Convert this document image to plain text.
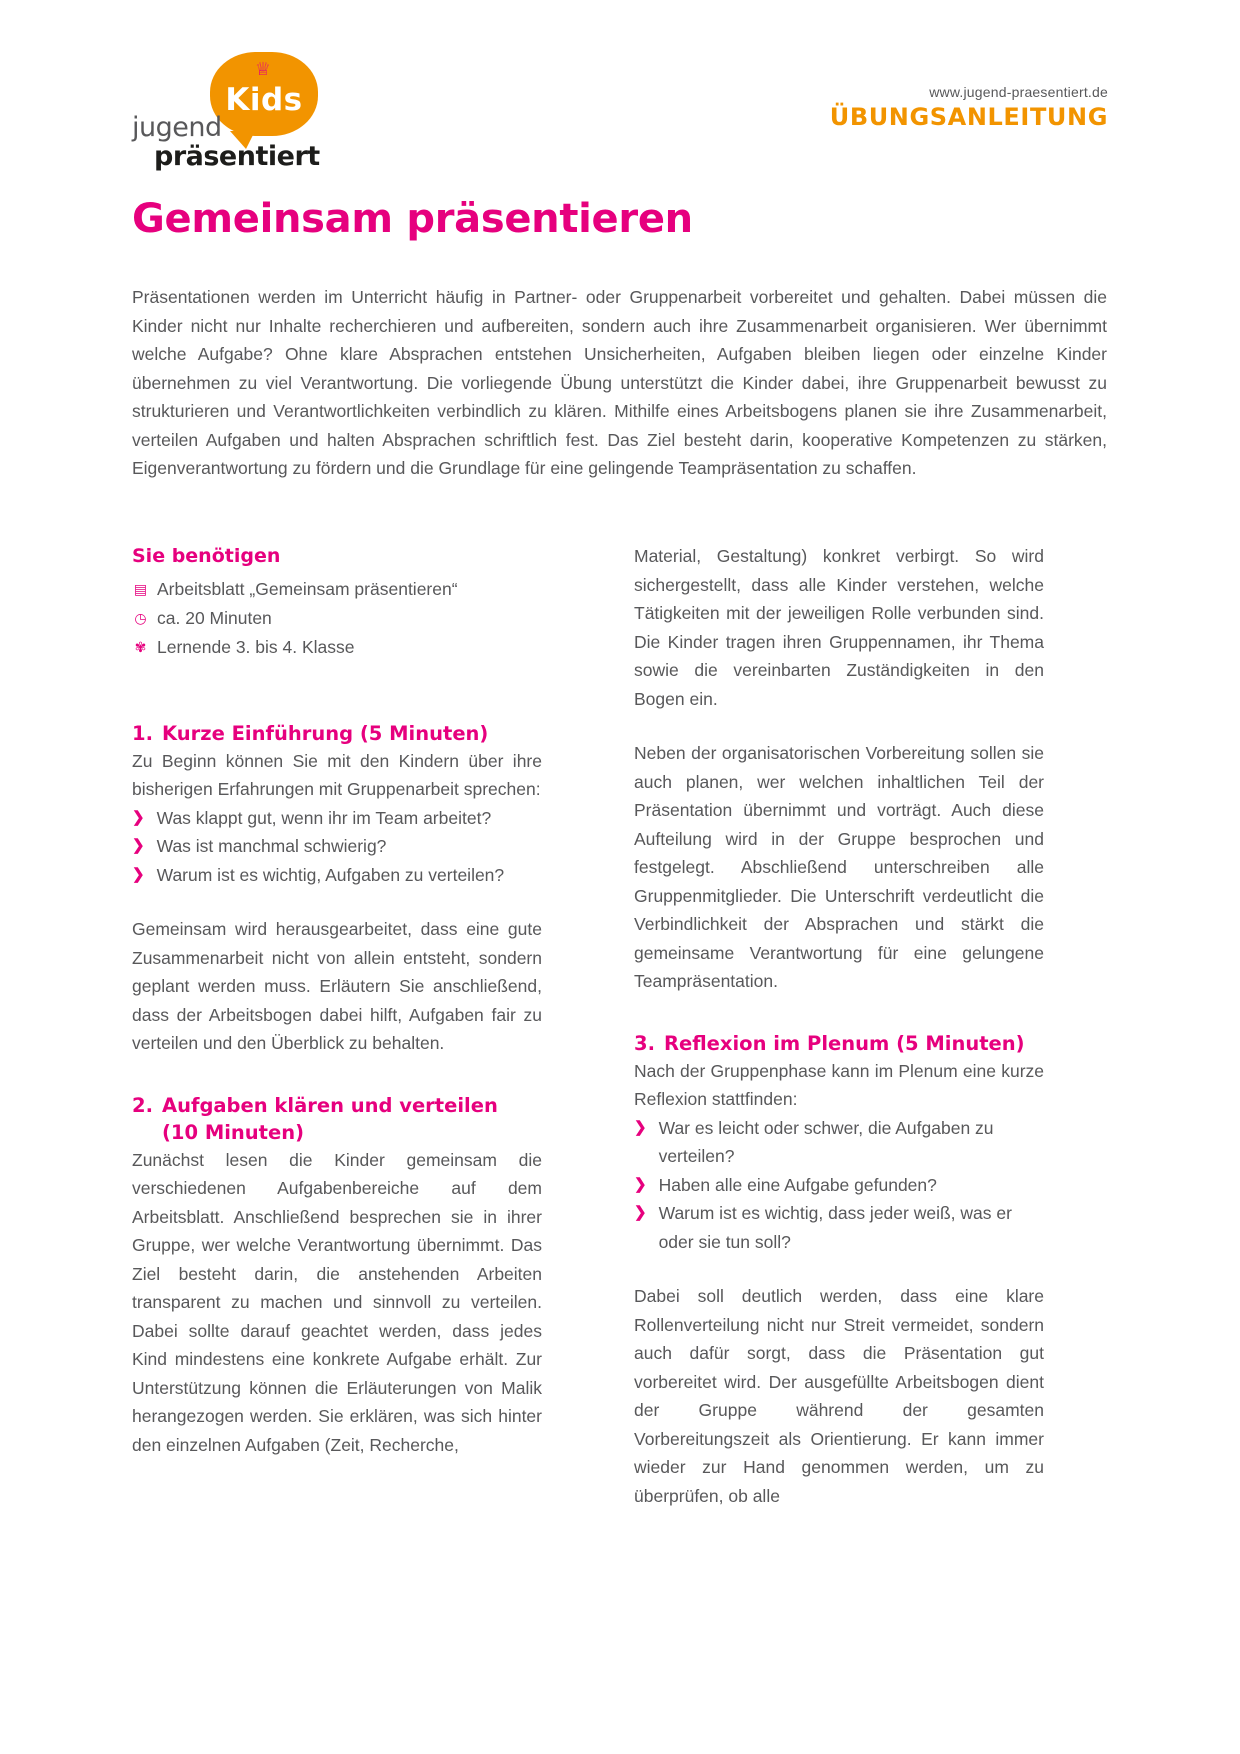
♕
Kids
jugend
präsentiert
www.jugend-praesentiert.de
ÜBUNGSANLEITUNG
Gemeinsam präsentieren
Präsentationen werden im Unterricht häufig in Partner- oder Gruppenarbeit vorbereitet und gehalten. Dabei müssen die Kinder nicht nur Inhalte recherchieren und aufbereiten, sondern auch ihre Zusammenarbeit organisieren. Wer übernimmt welche Aufgabe? Ohne klare Absprachen entstehen Unsicherheiten, Aufgaben bleiben liegen oder einzelne Kinder übernehmen zu viel Verantwortung. Die vorliegende Übung unterstützt die Kinder dabei, ihre Gruppenarbeit bewusst zu strukturieren und Verantwortlichkeiten verbindlich zu klären. Mithilfe eines Arbeitsbogens planen sie ihre Zusammenarbeit, verteilen Aufgaben und halten Absprachen schriftlich fest. Das Ziel besteht darin, kooperative Kompetenzen zu stärken, Eigenverantwortung zu fördern und die Grundlage für eine gelingende Teampräsentation zu schaffen.
Sie benötigen
▤ Arbeitsblatt „Gemeinsam präsentieren“
◷ ca. 20 Minuten
✾ Lernende 3. bis 4. Klasse
1. Kurze Einführung (5 Minuten)

Zu Beginn können Sie mit den Kindern über ihre bisherigen Erfahrungen mit Gruppenarbeit sprechen:

❯ Was klappt gut, wenn ihr im Team arbeitet?
❯ Was ist manchmal schwierig?
❯ Warum ist es wichtig, Aufgaben zu verteilen?

Gemeinsam wird herausgearbeitet, dass eine gute Zusammenarbeit nicht von allein entsteht, sondern geplant werden muss. Erläutern Sie anschließend, dass der Arbeitsbogen dabei hilft, Aufgaben fair zu verteilen und den Überblick zu behalten.

2. Aufgaben klären und verteilen
(10 Minuten)

Zunächst lesen die Kinder gemeinsam die verschiedenen Aufgabenbereiche auf dem Arbeitsblatt. Anschließend besprechen sie in ihrer Gruppe, wer welche Verantwortung übernimmt. Das Ziel besteht darin, die anstehenden Arbeiten transparent zu machen und sinnvoll zu verteilen. Dabei sollte darauf geachtet werden, dass jedes Kind mindestens eine konkrete Aufgabe erhält. Zur Unterstützung können die Erläuterungen von Malik herangezogen werden. Sie erklären, was sich hinter den einzelnen Aufgaben (Zeit, Recherche,

Material, Gestaltung) konkret verbirgt. So wird sichergestellt, dass alle Kinder verstehen, welche Tätigkeiten mit der jeweiligen Rolle verbunden sind. Die Kinder tragen ihren Gruppennamen, ihr Thema sowie die vereinbarten Zuständigkeiten in den Bogen ein.

Neben der organisatorischen Vorbereitung sollen sie auch planen, wer welchen inhaltlichen Teil der Präsentation übernimmt und vorträgt. Auch diese Aufteilung wird in der Gruppe besprochen und festgelegt. Abschließend unterschreiben alle Gruppenmitglieder. Die Unterschrift verdeutlicht die Verbindlichkeit der Absprachen und stärkt die gemeinsame Verantwortung für eine gelungene Teampräsentation.

3. Reflexion im Plenum (5 Minuten)

Nach der Gruppenphase kann im Plenum eine kurze Reflexion stattfinden:

❯ War es leicht oder schwer, die Aufgaben zu verteilen?
❯ Haben alle eine Aufgabe gefunden?
❯ Warum ist es wichtig, dass jeder weiß, was er oder sie tun soll?

Dabei soll deutlich werden, dass eine klare Rollenverteilung nicht nur Streit vermeidet, sondern auch dafür sorgt, dass die Präsentation gut vorbereitet wird. Der ausgefüllte Arbeitsbogen dient der Gruppe während der gesamten Vorbereitungszeit als Orientierung. Er kann immer wieder zur Hand genommen werden, um zu überprüfen, ob alle
